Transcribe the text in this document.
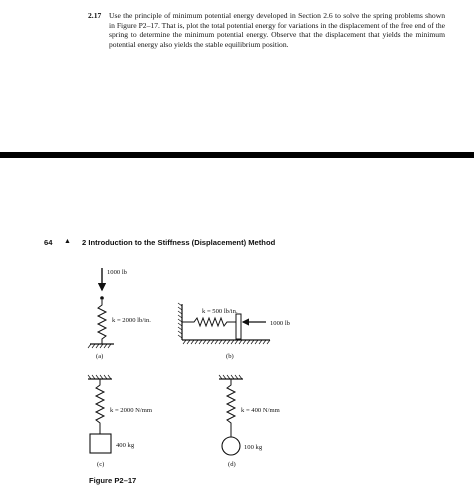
2.17 Use the principle of minimum potential energy developed in Section 2.6 to solve the spring problems shown in Figure P2–17. That is, plot the total potential energy for variations in the displacement of the free end of the spring to determine the minimum potential energy. Observe that the displacement that yields the minimum potential energy also yields the stable equilibrium position.
64 ▲ 2 Introduction to the Stiffness (Displacement) Method
1000 lb
k = 2000 lb/in.
(a)
k = 500 lb/in.
1000 lb
(b)
k = 2000 N/mm
400 kg
(c)
k = 400 N/mm
100 kg
(d)
Figure P2–17
